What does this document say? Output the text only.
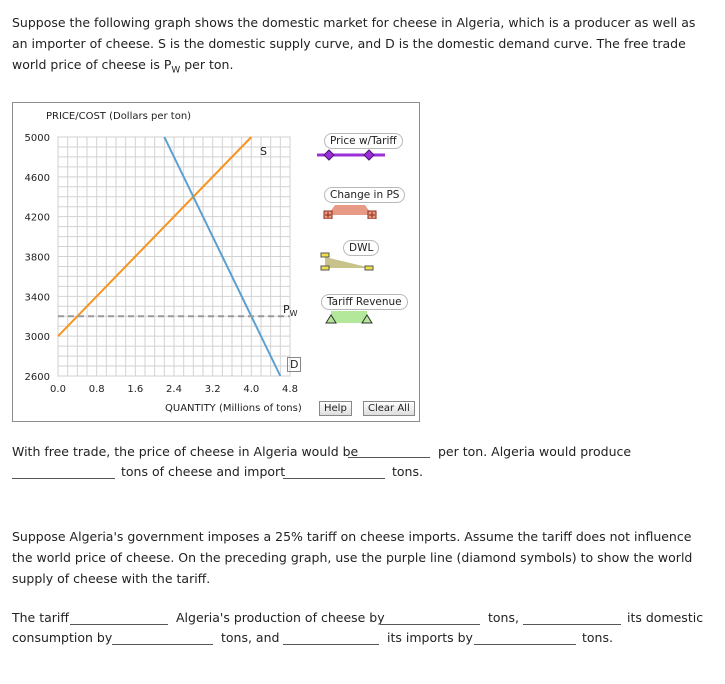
Suppose the following graph shows the domestic market for cheese in Algeria, which is a producer as well as an importer of cheese. S is the domestic supply curve, and D is the domestic demand curve. The free trade world price of cheese is $P_W$ per ton.
0.0 0.8 1.6 2.4 3.2 4.0 4.8
5000
4600
4200
3800
3400
3000
2600
PRICE/COST (Dollars per ton)
QUANTITY (Millions of tons)
S
D
$P_W$
Price w/Tariff
Change in PS
DWL
Tariff Revenue
Help	Clear All
With free trade, the price of cheese in Algeria would be	per ton. Algeria would produce
tons of cheese and import	tons.
Suppose Algeria's government imposes a 25% tariff on cheese imports. Assume the tariff does not influence the world price of cheese. On the preceding graph, use the purple line (diamond symbols) to show the world supply of cheese with the tariff.
The tariff	Algeria's production of cheese by	tons,	its domestic
consumption by	tons, and	its imports by	tons.
